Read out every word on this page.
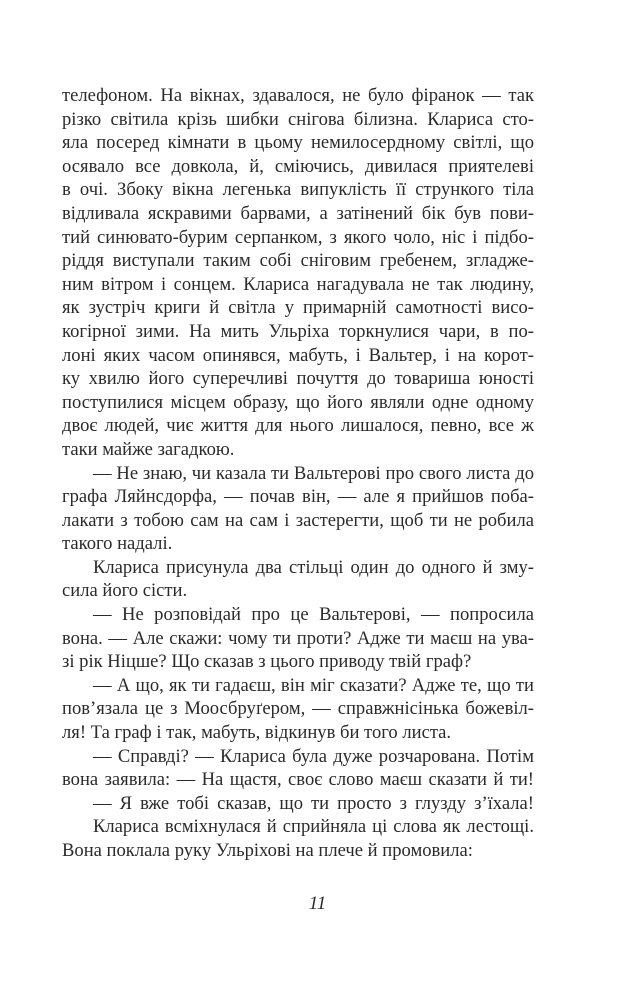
телефоном. На вікнах, здавалося, не було фіранок — так
різко світила крізь шибки снігова білизна. Клариса сто-
яла посеред кімнати в цьому немилосердному світлі, що
осявало все довкола, й, сміючись, дивилася приятелеві
в очі. Збоку вікна легенька випуклість її стрункого тіла
відливала яскравими барвами, а затінений бік був пови-
тий синювато-бурим серпанком, з якого чоло, ніс і підбо-
ріддя виступали таким собі сніговим гребенем, згладже-
ним вітром і сонцем. Клариса нагадувала не так людину,
як зустріч криги й світла у примарній самотності висо-
когірної зими. На мить Ульріха торкнулися чари, в по-
лоні яких часом опинявся, мабуть, і Вальтер, і на корот-
ку хвилю його суперечливі почуття до товариша юності
поступилися місцем образу, що його являли одне одному
двоє людей, чиє життя для нього лишалося, певно, все ж
таки майже загадкою.
— Не знаю, чи казала ти Вальтерові про свого листа до
графа Ляйнсдорфа, — почав він, — але я прийшов поба-
лакати з тобою сам на сам і застерегти, щоб ти не робила
такого надалі.
Клариса присунула два стільці один до одного й зму-
сила його сісти.
— Не розповідай про це Вальтерові, — попросила
вона. — Але скажи: чому ти проти? Адже ти маєш на ува-
зі рік Ніцше? Що сказав з цього приводу твій граф?
— А що, як ти гадаєш, він міг сказати? Адже те, що ти
пов’язала це з Моосбруґером, — справжнісінька божевіл-
ля! Та граф і так, мабуть, відкинув би того листа.
— Справді? — Клариса була дуже розчарована. Потім
вона заявила: — На щастя, своє слово маєш сказати й ти!
— Я вже тобі сказав, що ти просто з глузду з’їхала!
Клариса всміхнулася й сприйняла ці слова як лестощі.
Вона поклала руку Ульріхові на плече й промовила:
11
